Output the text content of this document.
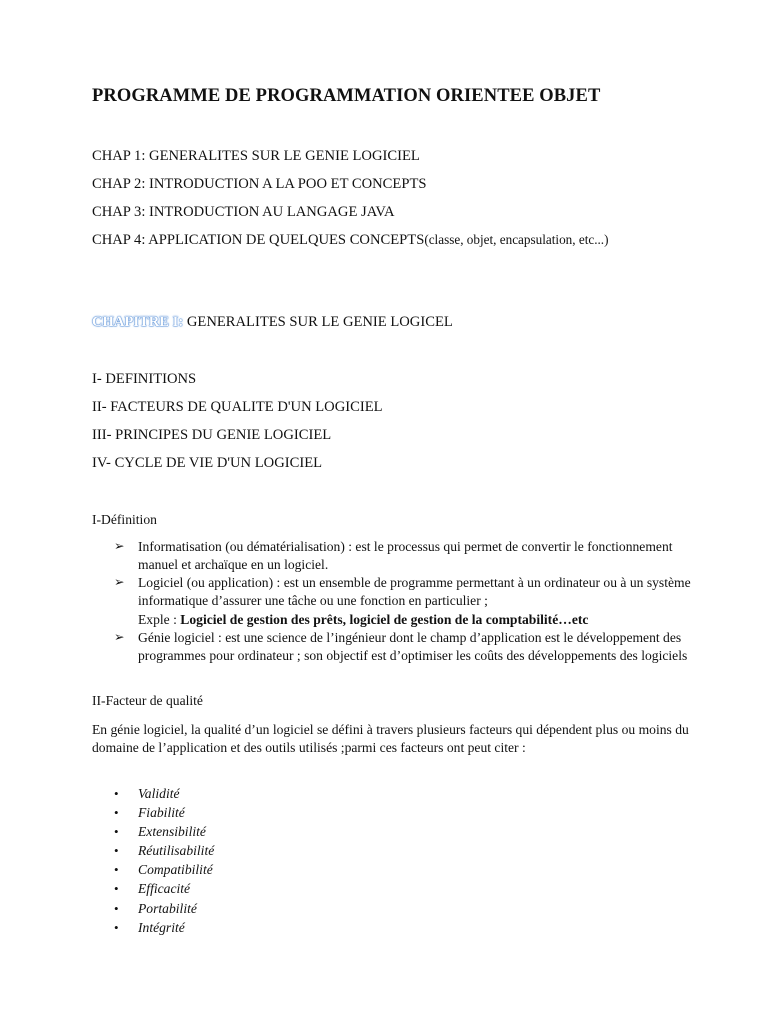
PROGRAMME DE PROGRAMMATION ORIENTEE OBJET
CHAP 1: GENERALITES SUR LE GENIE LOGICIEL
CHAP 2: INTRODUCTION A LA POO ET CONCEPTS
CHAP 3: INTRODUCTION AU LANGAGE JAVA
CHAP 4: APPLICATION DE QUELQUES CONCEPTS(classe, objet, encapsulation, etc...)
CHAPITRE I: GENERALITES SUR LE GENIE LOGICEL
I- DEFINITIONS
II- FACTEURS DE QUALITE D'UN LOGICIEL
III- PRINCIPES DU GENIE LOGICIEL
IV- CYCLE DE VIE D'UN LOGICIEL
I-Définition
➢ Informatisation (ou dématérialisation) : est le processus qui permet de convertir le fonctionnement manuel et archaïque en un logiciel.
➢ Logiciel (ou application) : est un ensemble de programme permettant à un ordinateur ou à un système informatique d’assurer une tâche ou une fonction en particulier ;
Exple : Logiciel de gestion des prêts, logiciel de gestion de la comptabilité…etc
➢ Génie logiciel : est une science de l’ingénieur dont le champ d’application est le développement des programmes pour ordinateur ; son objectif est d’optimiser les coûts des développements des logiciels
II-Facteur de qualité
En génie logiciel, la qualité d’un logiciel se défini à travers plusieurs facteurs qui dépendent plus ou moins du domaine de l’application et des outils utilisés ;parmi ces facteurs ont peut citer :
• Validité
• Fiabilité
• Extensibilité
• Réutilisabilité
• Compatibilité
• Efficacité
• Portabilité
• Intégrité
